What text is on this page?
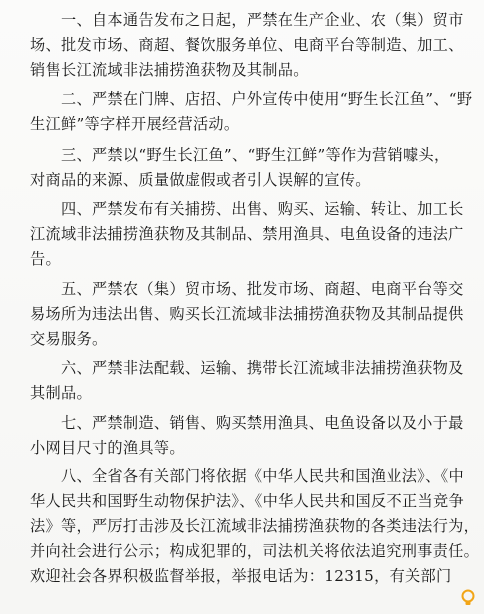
　　一、自本通告发布之日起，严禁在生产企业、农（集）贸市
场、批发市场、商超、餐饮服务单位、电商平台等制造、加工、
销售长江流域非法捕捞渔获物及其制品。
　　二、严禁在门牌、店招、户外宣传中使用“野生长江鱼”、“野
生江鲜”等字样开展经营活动。
　　三、严禁以“野生长江鱼”、“野生江鲜”等作为营销噱头，
对商品的来源、质量做虚假或者引人误解的宣传。
　　四、严禁发布有关捕捞、出售、购买、运输、转让、加工长
江流域非法捕捞渔获物及其制品、禁用渔具、电鱼设备的违法广
告。
　　五、严禁农（集）贸市场、批发市场、商超、电商平台等交
易场所为违法出售、购买长江流域非法捕捞渔获物及其制品提供
交易服务。
　　六、严禁非法配载、运输、携带长江流域非法捕捞渔获物及
其制品。
　　七、严禁制造、销售、购买禁用渔具、电鱼设备以及小于最
小网目尺寸的渔具等。
　　八、全省各有关部门将依据《中华人民共和国渔业法》、《中
华人民共和国野生动物保护法》、《中华人民共和国反不正当竞争
法》等，严厉打击涉及长江流域非法捕捞渔获物的各类违法行为，
并向社会进行公示；构成犯罪的，司法机关将依法追究刑事责任。
欢迎社会各界积极监督举报，举报电话为：12315，有关部门
